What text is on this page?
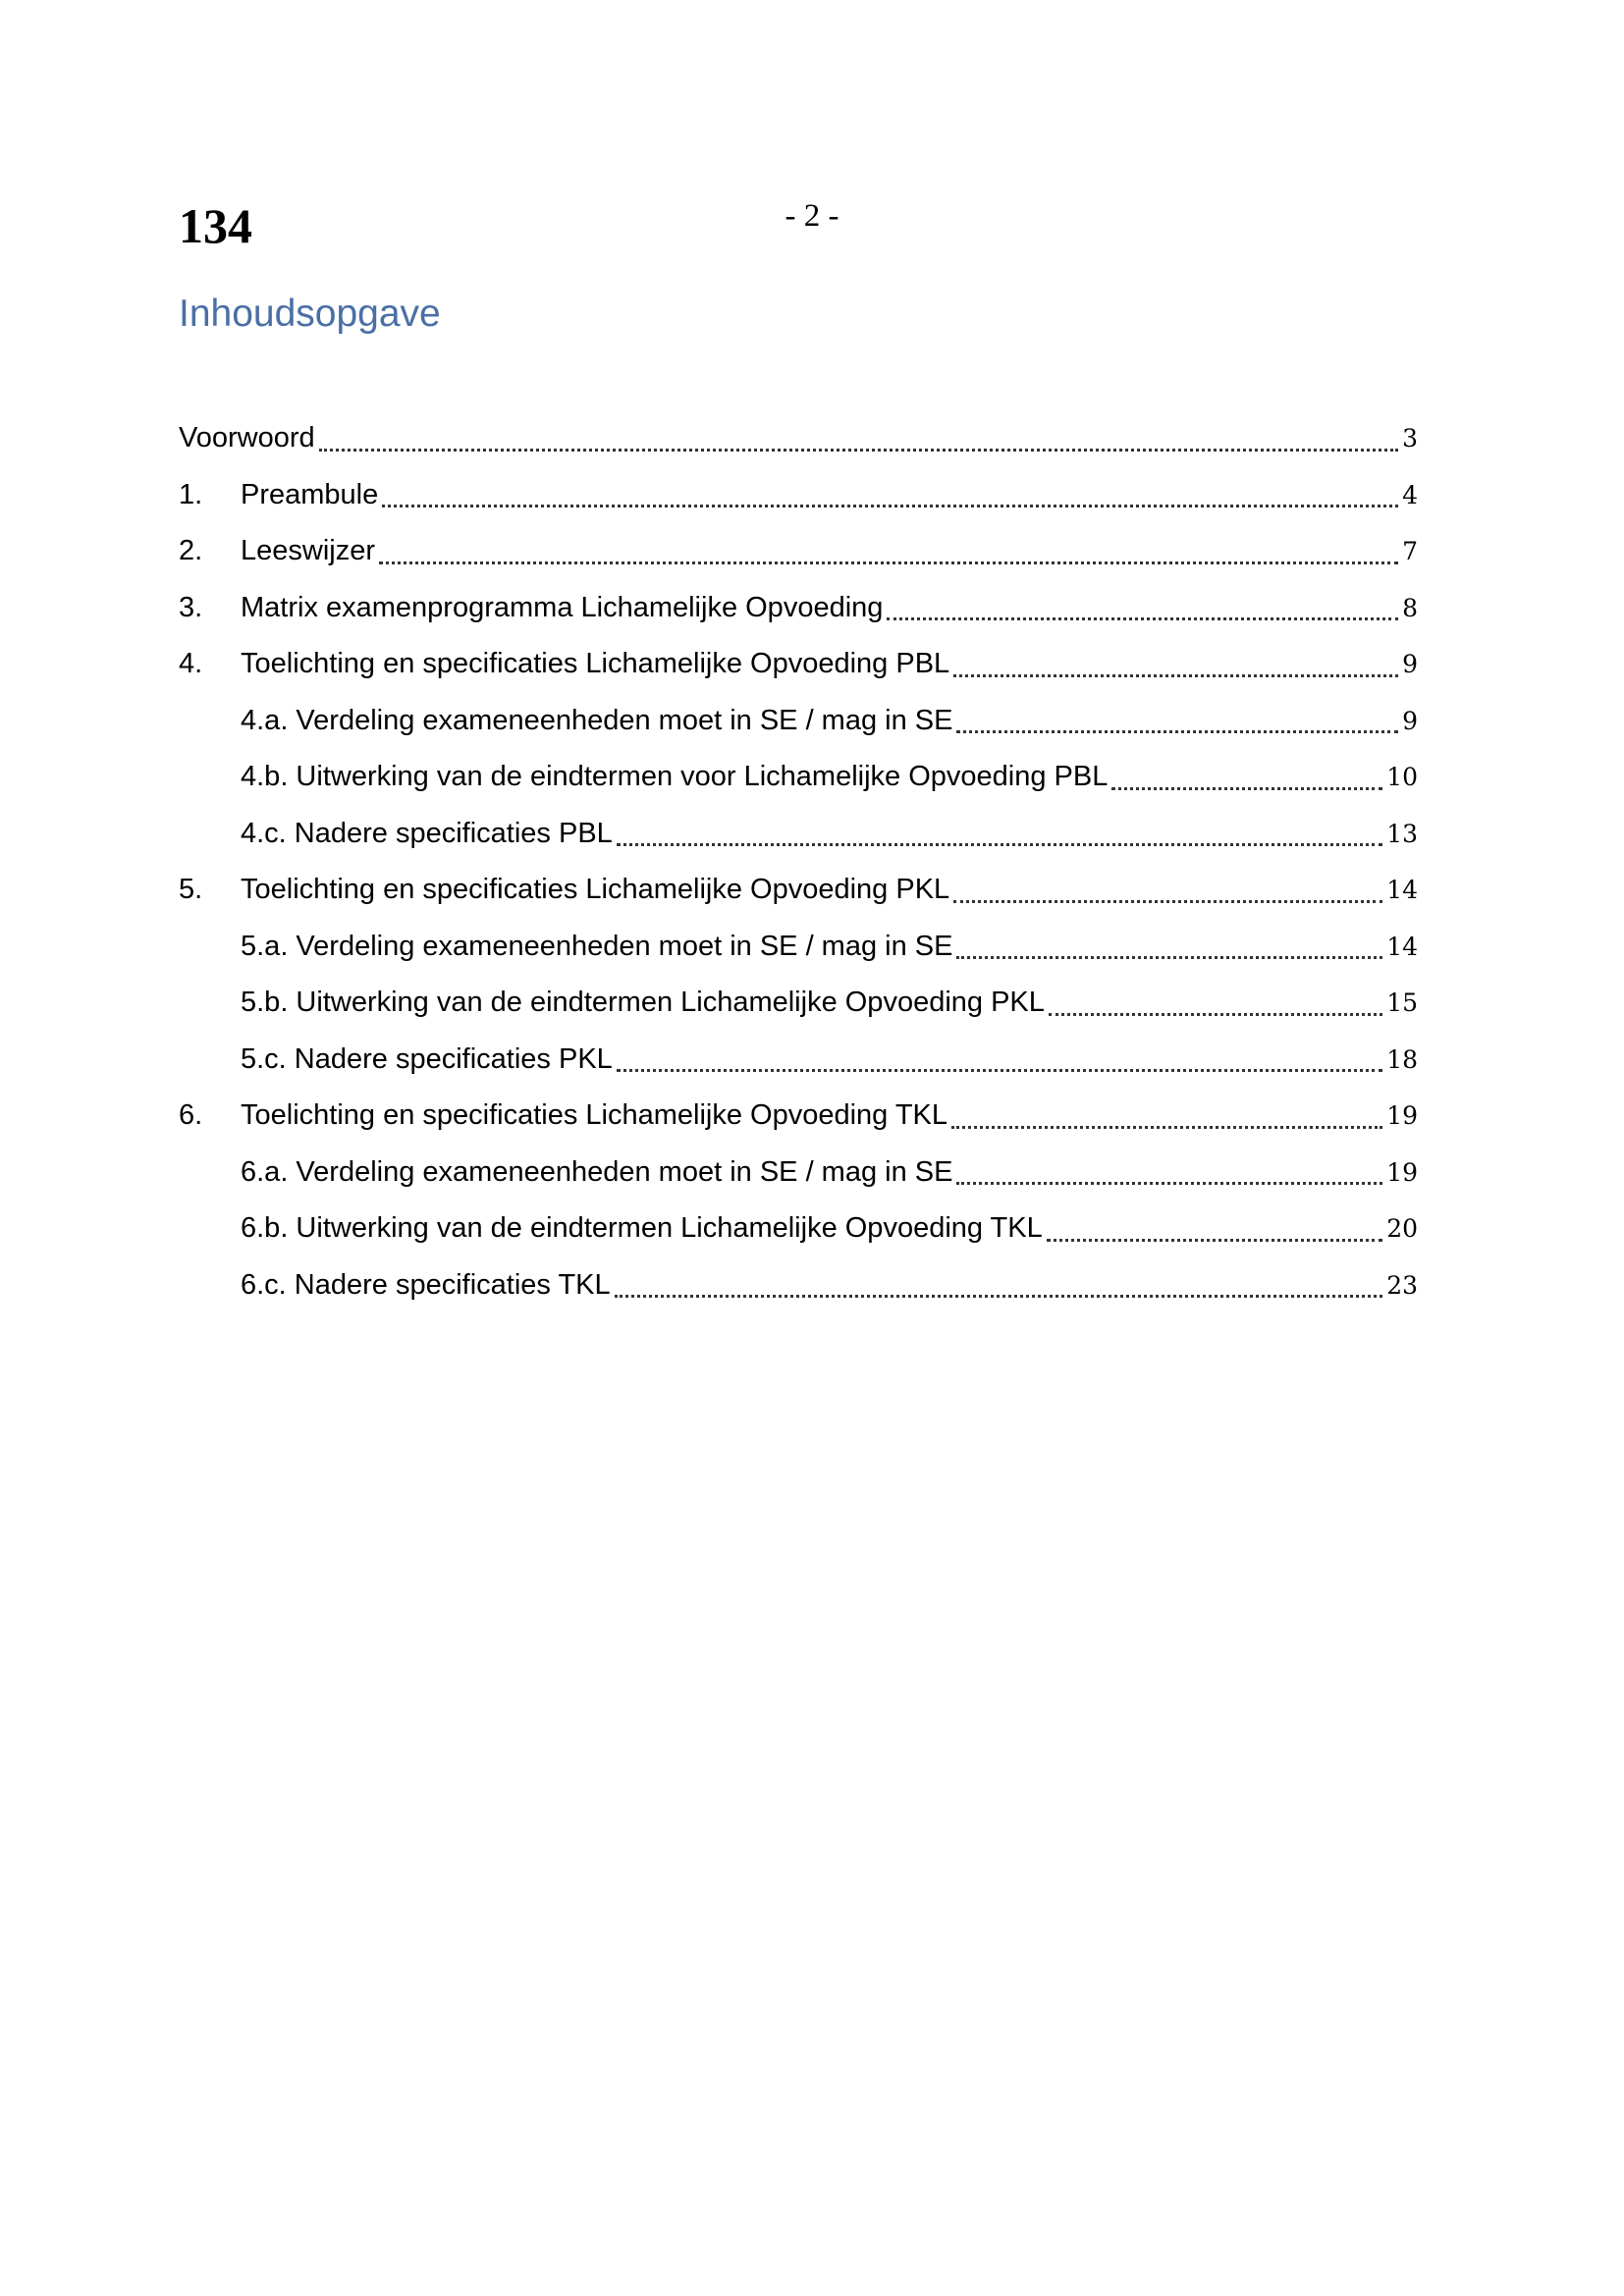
134	- 2 -
Inhoudsopgave
Voorwoord	3
1.	Preambule	4
2.	Leeswijzer	7
3.	Matrix examenprogramma Lichamelijke Opvoeding	8
4.	Toelichting en specificaties Lichamelijke Opvoeding PBL	9
4.a. Verdeling exameneenheden moet in SE / mag in SE	9
4.b. Uitwerking van de eindtermen voor Lichamelijke Opvoeding PBL	10
4.c. Nadere specificaties PBL	13
5.	Toelichting en specificaties Lichamelijke Opvoeding PKL	14
5.a. Verdeling exameneenheden moet in SE / mag in SE	14
5.b. Uitwerking van de eindtermen Lichamelijke Opvoeding PKL	15
5.c. Nadere specificaties PKL	18
6.	Toelichting en specificaties Lichamelijke Opvoeding TKL	19
6.a. Verdeling exameneenheden moet in SE / mag in SE	19
6.b. Uitwerking van de eindtermen Lichamelijke Opvoeding TKL	20
6.c. Nadere specificaties TKL	23
